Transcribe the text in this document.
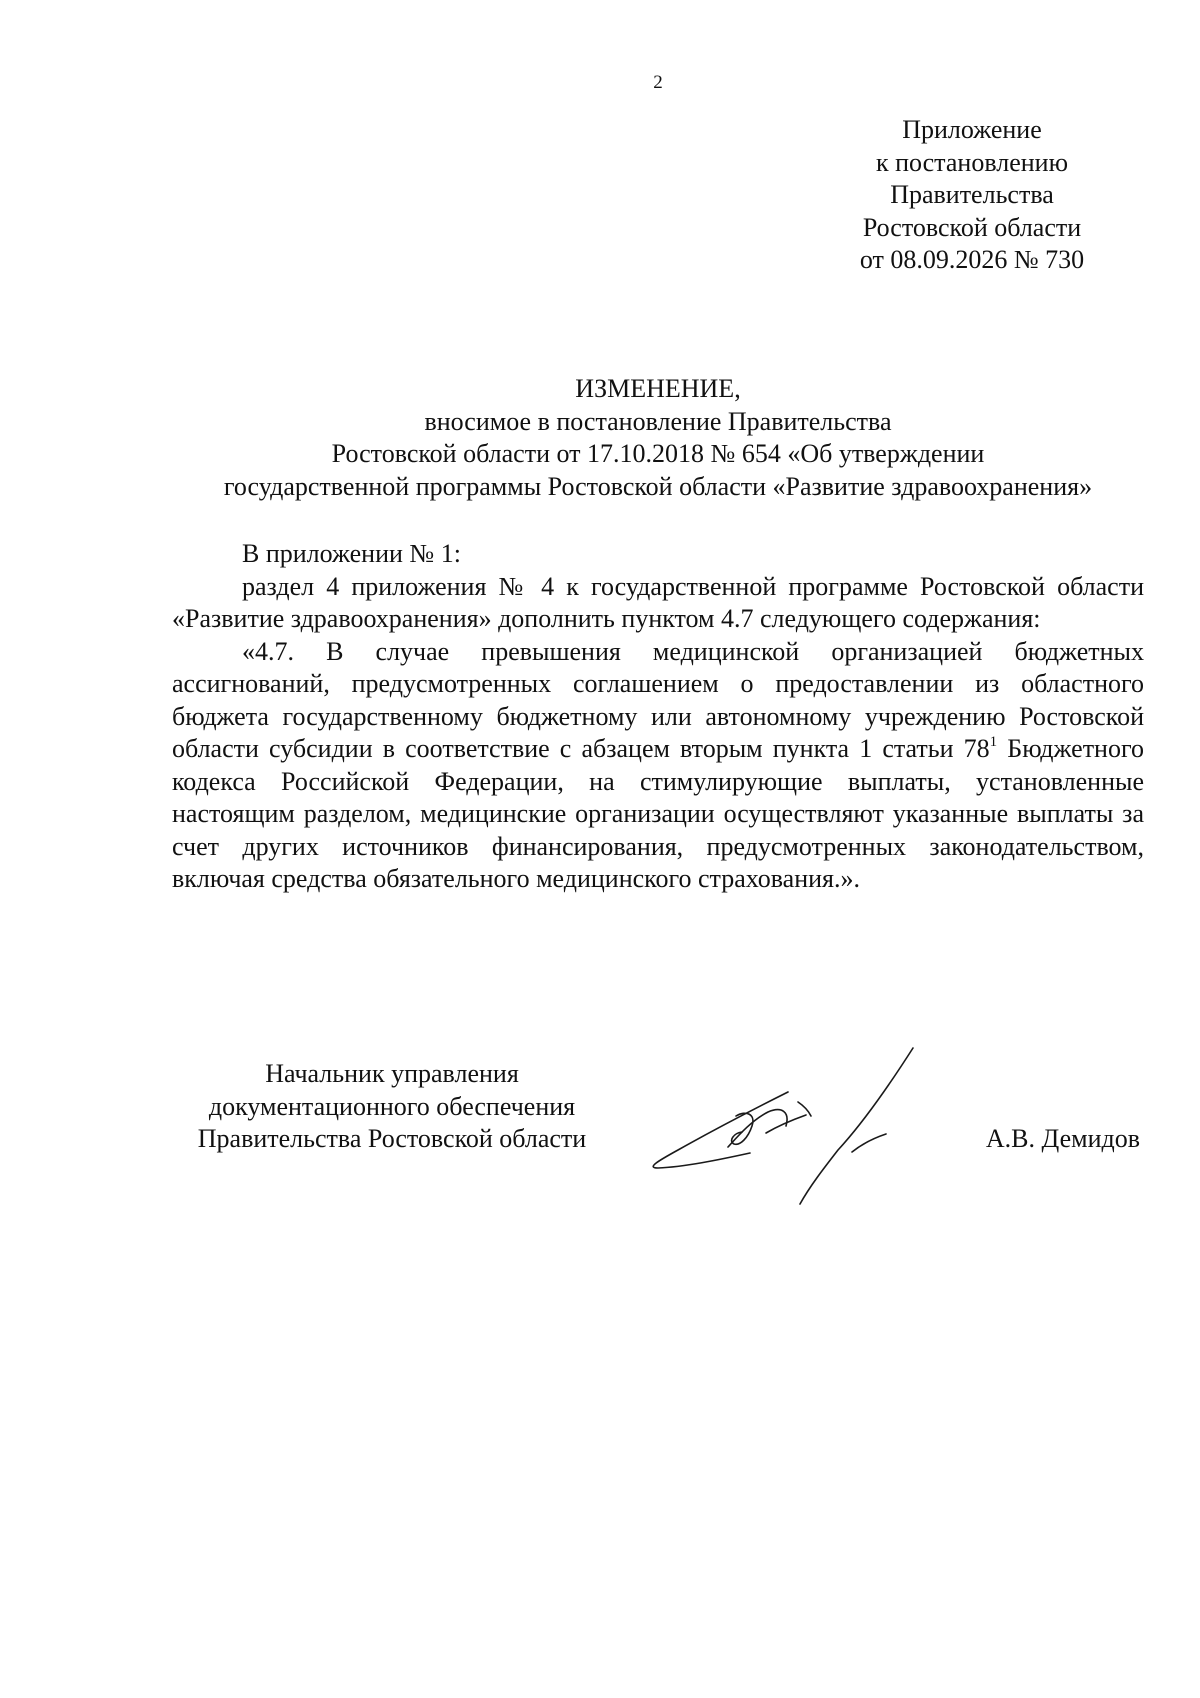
2
Приложение
к постановлению
Правительства
Ростовской области
от 08.09.2026 № 730
ИЗМЕНЕНИЕ,
вносимое в постановление Правительства
Ростовской области от 17.10.2018 № 654 «Об утверждении
государственной программы Ростовской области «Развитие здравоохранения»

В приложении № 1:

раздел 4 приложения № 4 к государственной программе Ростовской области «Развитие здравоохранения» дополнить пунктом 4.7 следующего содержания:

«4.7. В случае превышения медицинской организацией бюджетных ассигнований, предусмотренных соглашением о предоставлении из областного бюджета государственному бюджетному или автономному учреждению Ростовской области субсидии в соответствие с абзацем вторым пункта 1 статьи $78^1$ Бюджетного кодекса Российской Федерации, на стимулирующие выплаты, установленные настоящим разделом, медицинские организации осуществляют указанные выплаты за счет других источников финансирования, предусмотренных законодательством, включая средства обязательного медицинского страхования.».

Начальник управления
документационного обеспечения
Правительства Ростовской области	А.В. Демидов
